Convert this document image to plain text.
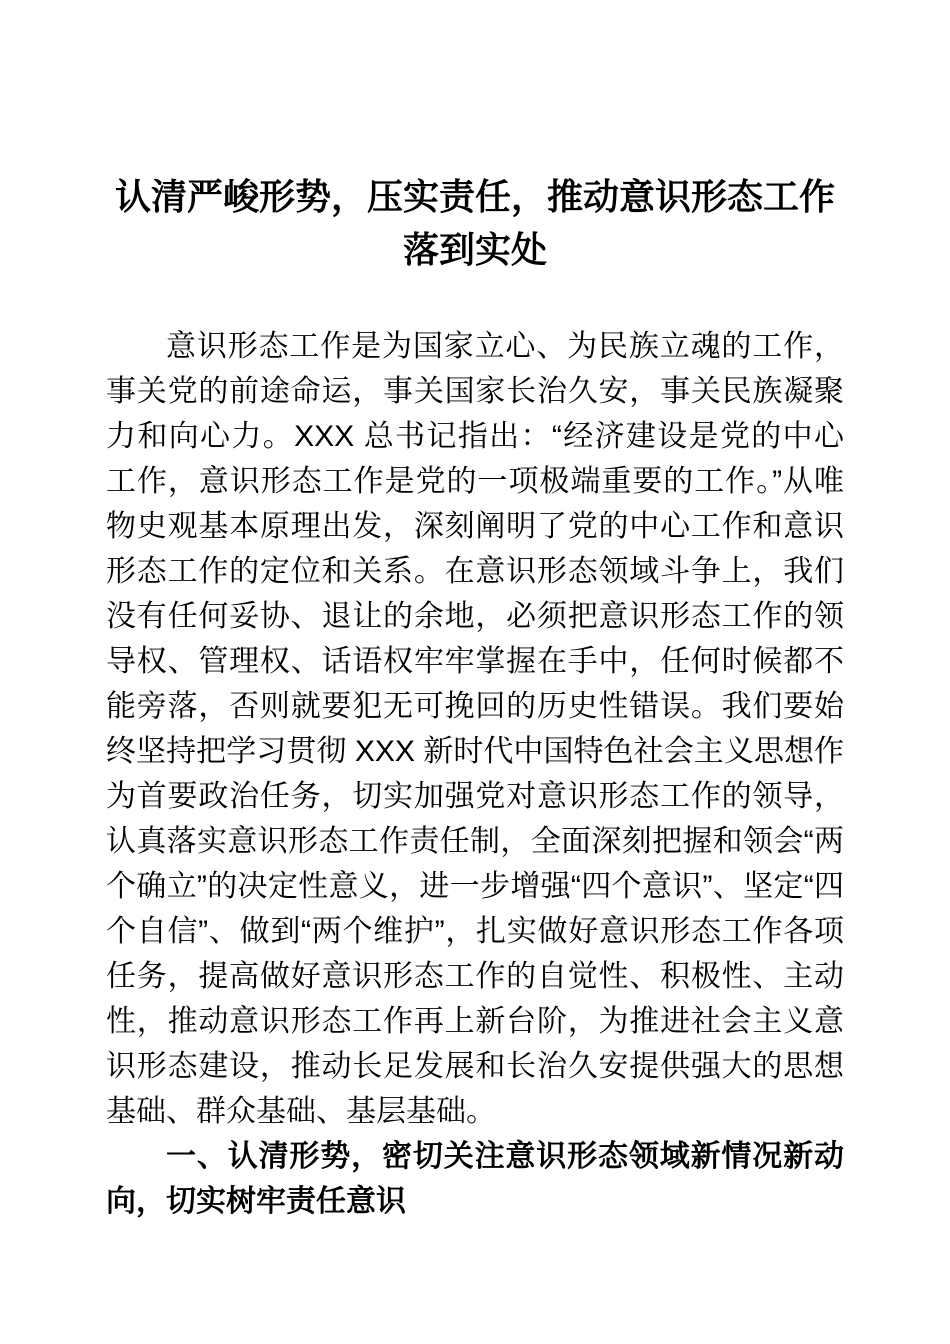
认清严峻形势，压实责任，推动意识形态工作落到实处

意识形态工作是为国家立心、为民族立魂的工作，事关党的前途命运，事关国家长治久安，事关民族凝聚力和向心力。XXX 总书记指出：“经济建设是党的中心工作，意识形态工作是党的一项极端重要的工作。”从唯物史观基本原理出发，深刻阐明了党的中心工作和意识形态工作的定位和关系。在意识形态领域斗争上，我们没有任何妥协、退让的余地，必须把意识形态工作的领导权、管理权、话语权牢牢掌握在手中，任何时候都不能旁落，否则就要犯无可挽回的历史性错误。我们要始终坚持把学习贯彻 XXX 新时代中国特色社会主义思想作为首要政治任务，切实加强党对意识形态工作的领导，认真落实意识形态工作责任制，全面深刻把握和领会“两个确立”的决定性意义，进一步增强“四个意识”、坚定“四个自信”、做到“两个维护”，扎实做好意识形态工作各项任务，提高做好意识形态工作的自觉性、积极性、主动性，推动意识形态工作再上新台阶，为推进社会主义意识形态建设，推动长足发展和长治久安提供强大的思想基础、群众基础、基层基础。

一、认清形势，密切关注意识形态领域新情况新动向，切实树牢责任意识
